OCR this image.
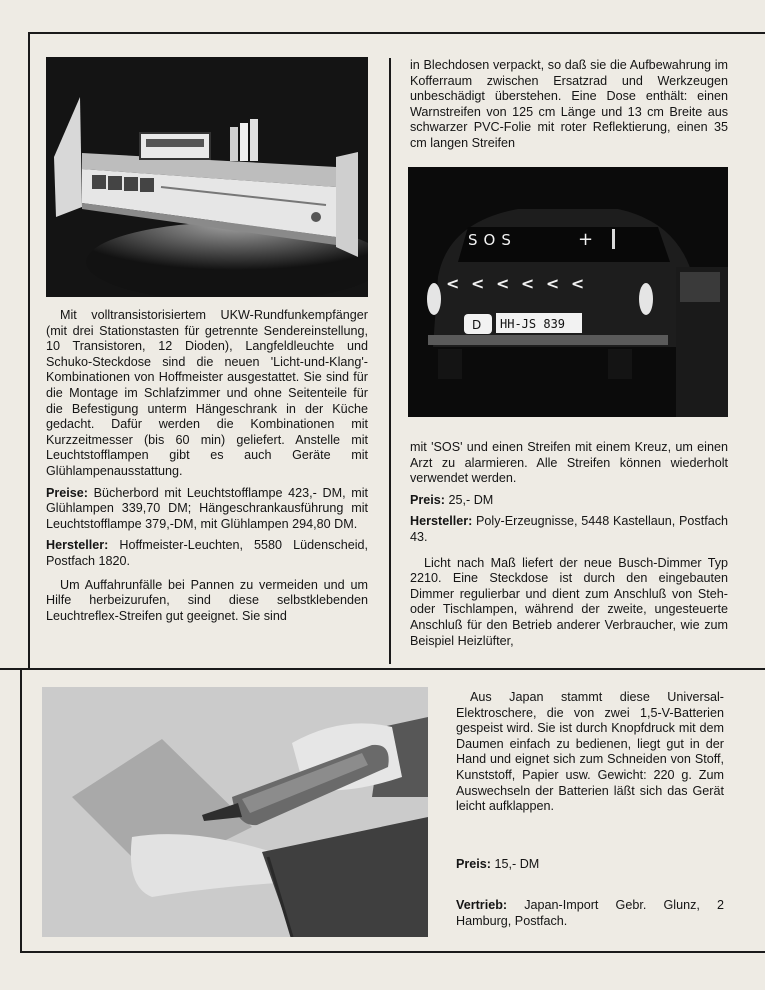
Mit volltransistorisiertem UKW-Rundfunkempfänger (mit drei Stationstasten für getrennte Sendereinstellung, 10 Transistoren, 12 Dioden), Langfeldleuchte und Schuko-Steckdose sind die neuen 'Licht-und-Klang'-Kombinationen von Hoffmeister ausgestattet. Sie sind für die Montage im Schlafzimmer und ohne Seitenteile für die Befestigung unterm Hängeschrank in der Küche gedacht. Dafür werden die Kombinationen mit Kurzzeitmesser (bis 60 min) geliefert. Anstelle mit Leuchtstofflampen gibt es auch Geräte mit Glühlampenausstattung.

Preise: Bücherbord mit Leuchtstofflampe 423,- DM, mit Glühlampen 339,70 DM; Hängeschrankausführung mit Leuchtstofflampe 379,-DM, mit Glühlampen 294,80 DM.

Hersteller: Hoffmeister-Leuchten, 5580 Lüdenscheid, Postfach 1820.

Um Auffahrunfälle bei Pannen zu vermeiden und um Hilfe herbeizurufen, sind diese selbstklebenden Leuchtreflex-Streifen gut geeignet. Sie sind

in Blechdosen verpackt, so daß sie die Aufbewahrung im Kofferraum zwischen Ersatzrad und Werkzeugen unbeschädigt überstehen. Eine Dose enthält: einen Warnstreifen von 125 cm Länge und 13 cm Breite aus schwarzer PVC-Folie mit roter Reflektierung, einen 35 cm langen Streifen

SOS	+
< < < < < <
D HH-JS 839

mit 'SOS' und einen Streifen mit einem Kreuz, um einen Arzt zu alarmieren. Alle Streifen können wiederholt verwendet werden.

Preis: 25,- DM

Hersteller: Poly-Erzeugnisse, 5448 Kastellaun, Postfach 43.

Licht nach Maß liefert der neue Busch-Dimmer Typ 2210. Eine Steckdose ist durch den eingebauten Dimmer regulierbar und dient zum Anschluß von Steh- oder Tischlampen, während der zweite, ungesteuerte Anschluß für den Betrieb anderer Verbraucher, wie zum Beispiel Heizlüfter,

Aus Japan stammt diese Universal-Elektroschere, die von zwei 1,5-V-Batterien gespeist wird. Sie ist durch Knopfdruck mit dem Daumen einfach zu bedienen, liegt gut in der Hand und eignet sich zum Schneiden von Stoff, Kunststoff, Papier usw. Gewicht: 220 g. Zum Auswechseln der Batterien läßt sich das Gerät leicht aufklappen.

Preis: 15,- DM

Vertrieb: Japan-Import Gebr. Glunz, 2 Hamburg, Postfach.
